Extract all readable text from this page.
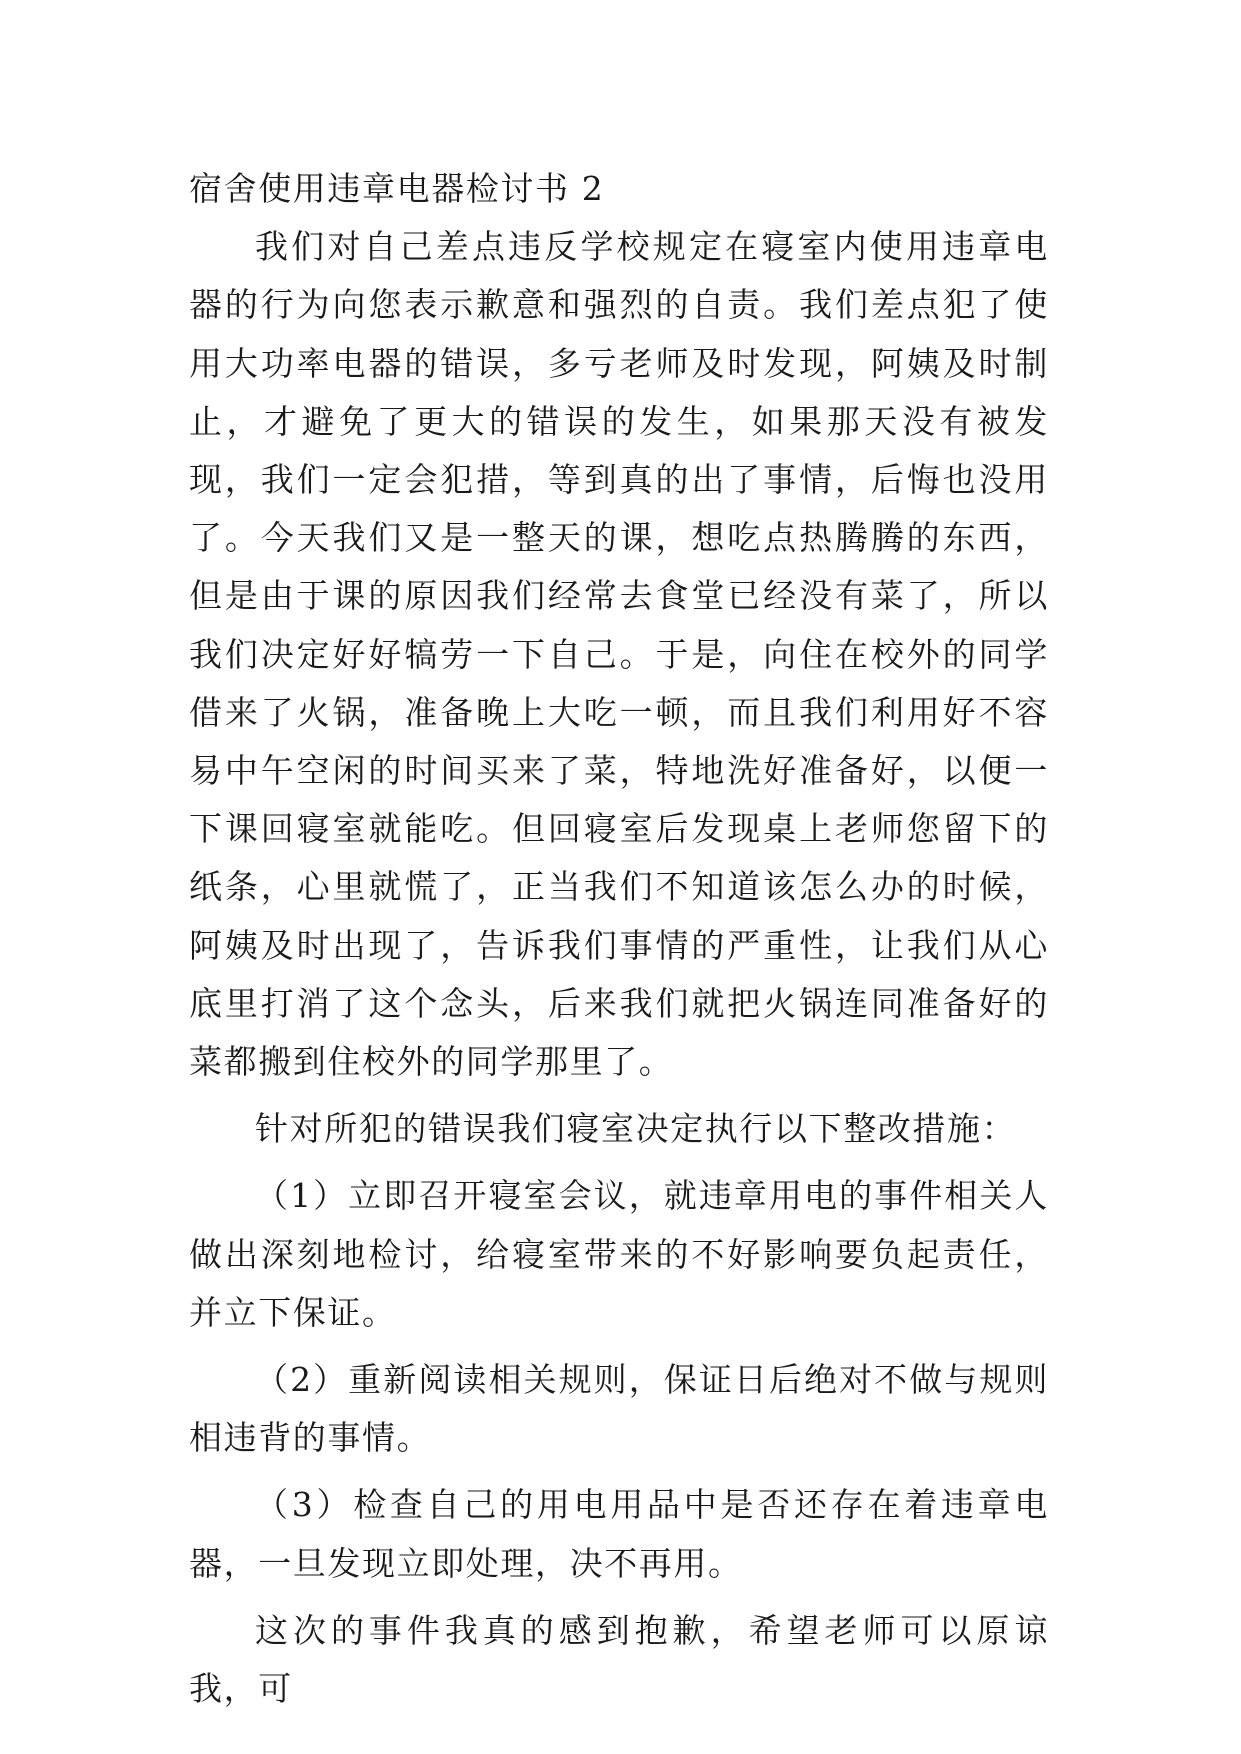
宿舍使用违章电器检讨书 2

我们对自己差点违反学校规定在寝室内使用违章电器的行为向您表示歉意和强烈的自责。我们差点犯了使用大功率电器的错误，多亏老师及时发现，阿姨及时制止，才避免了更大的错误的发生，如果那天没有被发现，我们一定会犯措，等到真的出了事情，后悔也没用了。今天我们又是一整天的课，想吃点热腾腾的东西，但是由于课的原因我们经常去食堂已经没有菜了，所以我们决定好好犒劳一下自己。于是，向住在校外的同学借来了火锅，准备晚上大吃一顿，而且我们利用好不容易中午空闲的时间买来了菜，特地洗好准备好，以便一下课回寝室就能吃。但回寝室后发现桌上老师您留下的纸条，心里就慌了，正当我们不知道该怎么办的时候，阿姨及时出现了，告诉我们事情的严重性，让我们从心底里打消了这个念头，后来我们就把火锅连同准备好的菜都搬到住校外的同学那里了。

针对所犯的错误我们寝室决定执行以下整改措施：

（1）立即召开寝室会议，就违章用电的事件相关人做出深刻地检讨，给寝室带来的不好影响要负起责任，并立下保证。

（2）重新阅读相关规则，保证日后绝对不做与规则相违背的事情。

（3）检查自己的用电用品中是否还存在着违章电器，一旦发现立即处理，决不再用。

这次的事件我真的感到抱歉，希望老师可以原谅我，可
